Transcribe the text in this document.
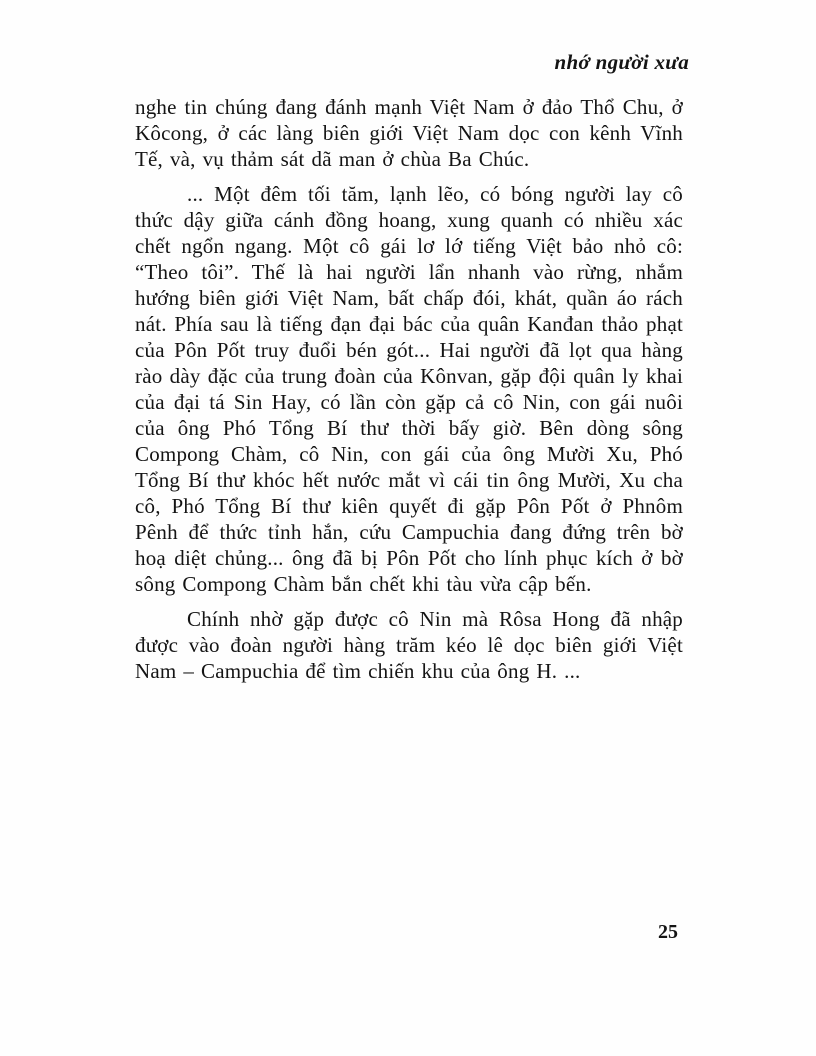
nhớ người xưa

nghe tin chúng đang đánh mạnh Việt Nam ở đảo Thổ Chu, ở Kôcong, ở các làng biên giới Việt Nam dọc con kênh Vĩnh Tế, và, vụ thảm sát dã man ở chùa Ba Chúc.

... Một đêm tối tăm, lạnh lẽo, có bóng người lay cô thức dậy giữa cánh đồng hoang, xung quanh có nhiều xác chết ngổn ngang. Một cô gái lơ lớ tiếng Việt bảo nhỏ cô: “Theo tôi”. Thế là hai người lẩn nhanh vào rừng, nhắm hướng biên giới Việt Nam, bất chấp đói, khát, quần áo rách nát. Phía sau là tiếng đạn đại bác của quân Kanđan thảo phạt của Pôn Pốt truy đuổi bén gót... Hai người đã lọt qua hàng rào dày đặc của trung đoàn của Kônvan, gặp đội quân ly khai của đại tá Sin Hay, có lần còn gặp cả cô Nin, con gái nuôi của ông Phó Tổng Bí thư thời bấy giờ. Bên dòng sông Compong Chàm, cô Nin, con gái của ông Mười Xu, Phó Tổng Bí thư khóc hết nước mắt vì cái tin ông Mười, Xu cha cô, Phó Tổng Bí thư kiên quyết đi gặp Pôn Pốt ở Phnôm Pênh để thức tỉnh hắn, cứu Campuchia đang đứng trên bờ hoạ diệt chủng... ông đã bị Pôn Pốt cho lính phục kích ở bờ sông Compong Chàm bắn chết khi tàu vừa cập bến.

Chính nhờ gặp được cô Nin mà Rôsa Hong đã nhập được vào đoàn người hàng trăm kéo lê dọc biên giới Việt Nam – Campuchia để tìm chiến khu của ông H. ...

25
